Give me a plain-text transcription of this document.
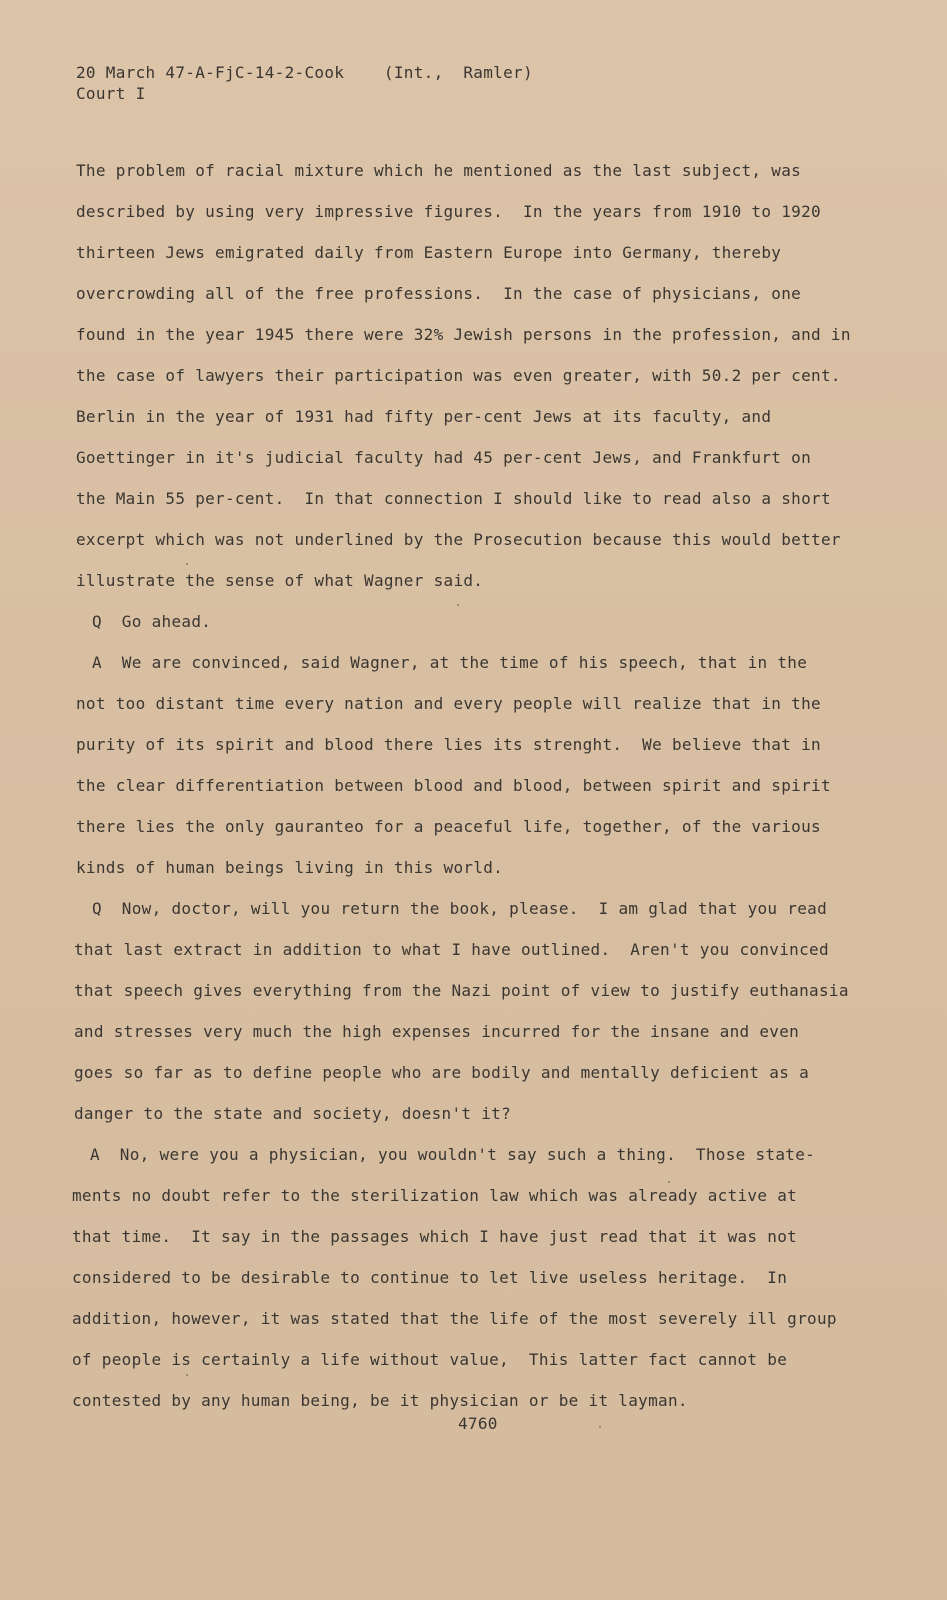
20 March 47-A-FjC-14-2-Cook    (Int.,  Ramler)
Court I
The problem of racial mixture which he mentioned as the last subject, was
described by using very impressive figures.  In the years from 1910 to 1920
thirteen Jews emigrated daily from Eastern Europe into Germany, thereby
overcrowding all of the free professions.  In the case of physicians, one
found in the year 1945 there were 32% Jewish persons in the profession, and in
the case of lawyers their participation was even greater, with 50.2 per cent.
Berlin in the year of 1931 had fifty per-cent Jews at its faculty, and
Goettinger in it's judicial faculty had 45 per-cent Jews, and Frankfurt on
the Main 55 per-cent.  In that connection I should like to read also a short
excerpt which was not underlined by the Prosecution because this would better
illustrate the sense of what Wagner said.
Q  Go ahead.
A  We are convinced, said Wagner, at the time of his speech, that in the
not too distant time every nation and every people will realize that in the
purity of its spirit and blood there lies its strenght.  We believe that in
the clear differentiation between blood and blood, between spirit and spirit
there lies the only gauranteo for a peaceful life, together, of the various
kinds of human beings living in this world.
Q  Now, doctor, will you return the book, please.  I am glad that you read
that last extract in addition to what I have outlined.  Aren't you convinced
that speech gives everything from the Nazi point of view to justify euthanasia
and stresses very much the high expenses incurred for the insane and even
goes so far as to define people who are bodily and mentally deficient as a
danger to the state and society, doesn't it?
A  No, were you a physician, you wouldn't say such a thing.  Those state-
ments no doubt refer to the sterilization law which was already active at
that time.  It say in the passages which I have just read that it was not
considered to be desirable to continue to let live useless heritage.  In
addition, however, it was stated that the life of the most severely ill group
of people is certainly a life without value,  This latter fact cannot be
contested by any human being, be it physician or be it layman.
4760
